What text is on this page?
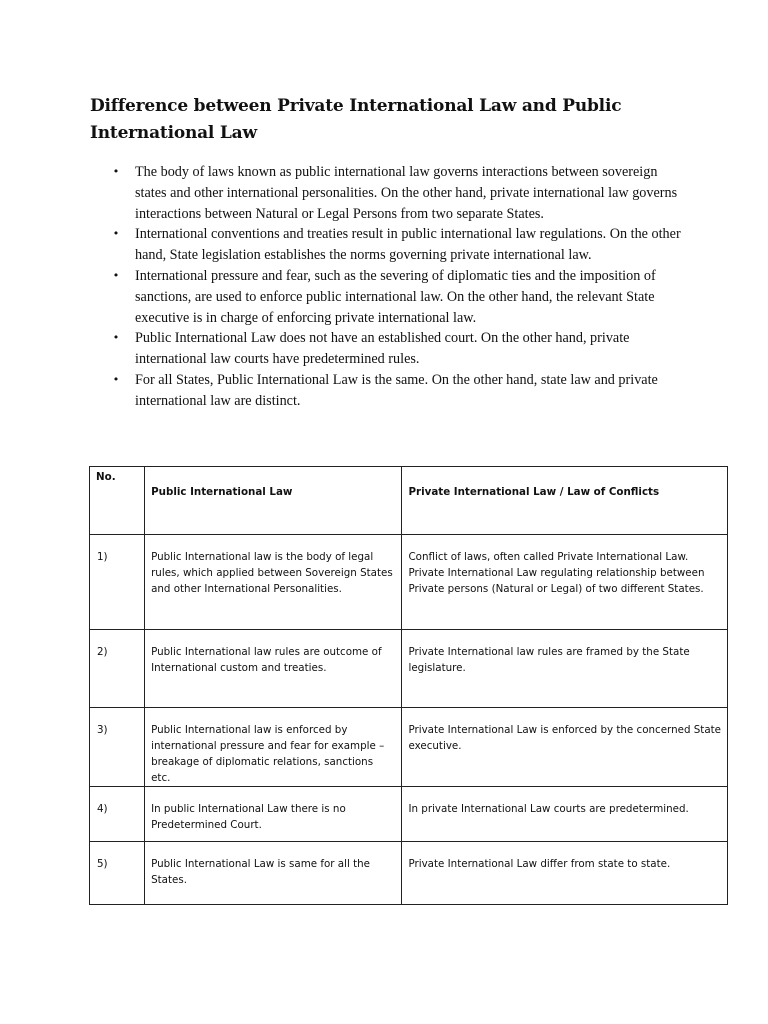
Difference between Private International Law and Public International Law
• The body of laws known as public international law governs interactions between sovereign states and other international personalities. On the other hand, private international law governs interactions between Natural or Legal Persons from two separate States.
• International conventions and treaties result in public international law regulations. On the other hand, State legislation establishes the norms governing private international law.
• International pressure and fear, such as the severing of diplomatic ties and the imposition of sanctions, are used to enforce public international law. On the other hand, the relevant State executive is in charge of enforcing private international law.
• Public International Law does not have an established court. On the other hand, private international law courts have predetermined rules.
• For all States, Public International Law is the same. On the other hand, state law and private international law are distinct.
No.	Public International Law	Private International Law / Law of Conflicts
1)	Public International law is the body of legal rules, which applied between Sovereign States and other International Personalities.	Conflict of laws, often called Private International Law. Private International Law regulating relationship between Private persons (Natural or Legal) of two different States.
2)	Public International law rules are outcome of International custom and treaties.	Private International law rules are framed by the State legislature.
3)	Public International law is enforced by international pressure and fear for example – breakage of diplomatic relations, sanctions etc.	Private International Law is enforced by the concerned State executive.
4)	In public International Law there is no Predetermined Court.	In private International Law courts are predetermined.
5)	Public International Law is same for all the States.	Private International Law differ from state to state.
